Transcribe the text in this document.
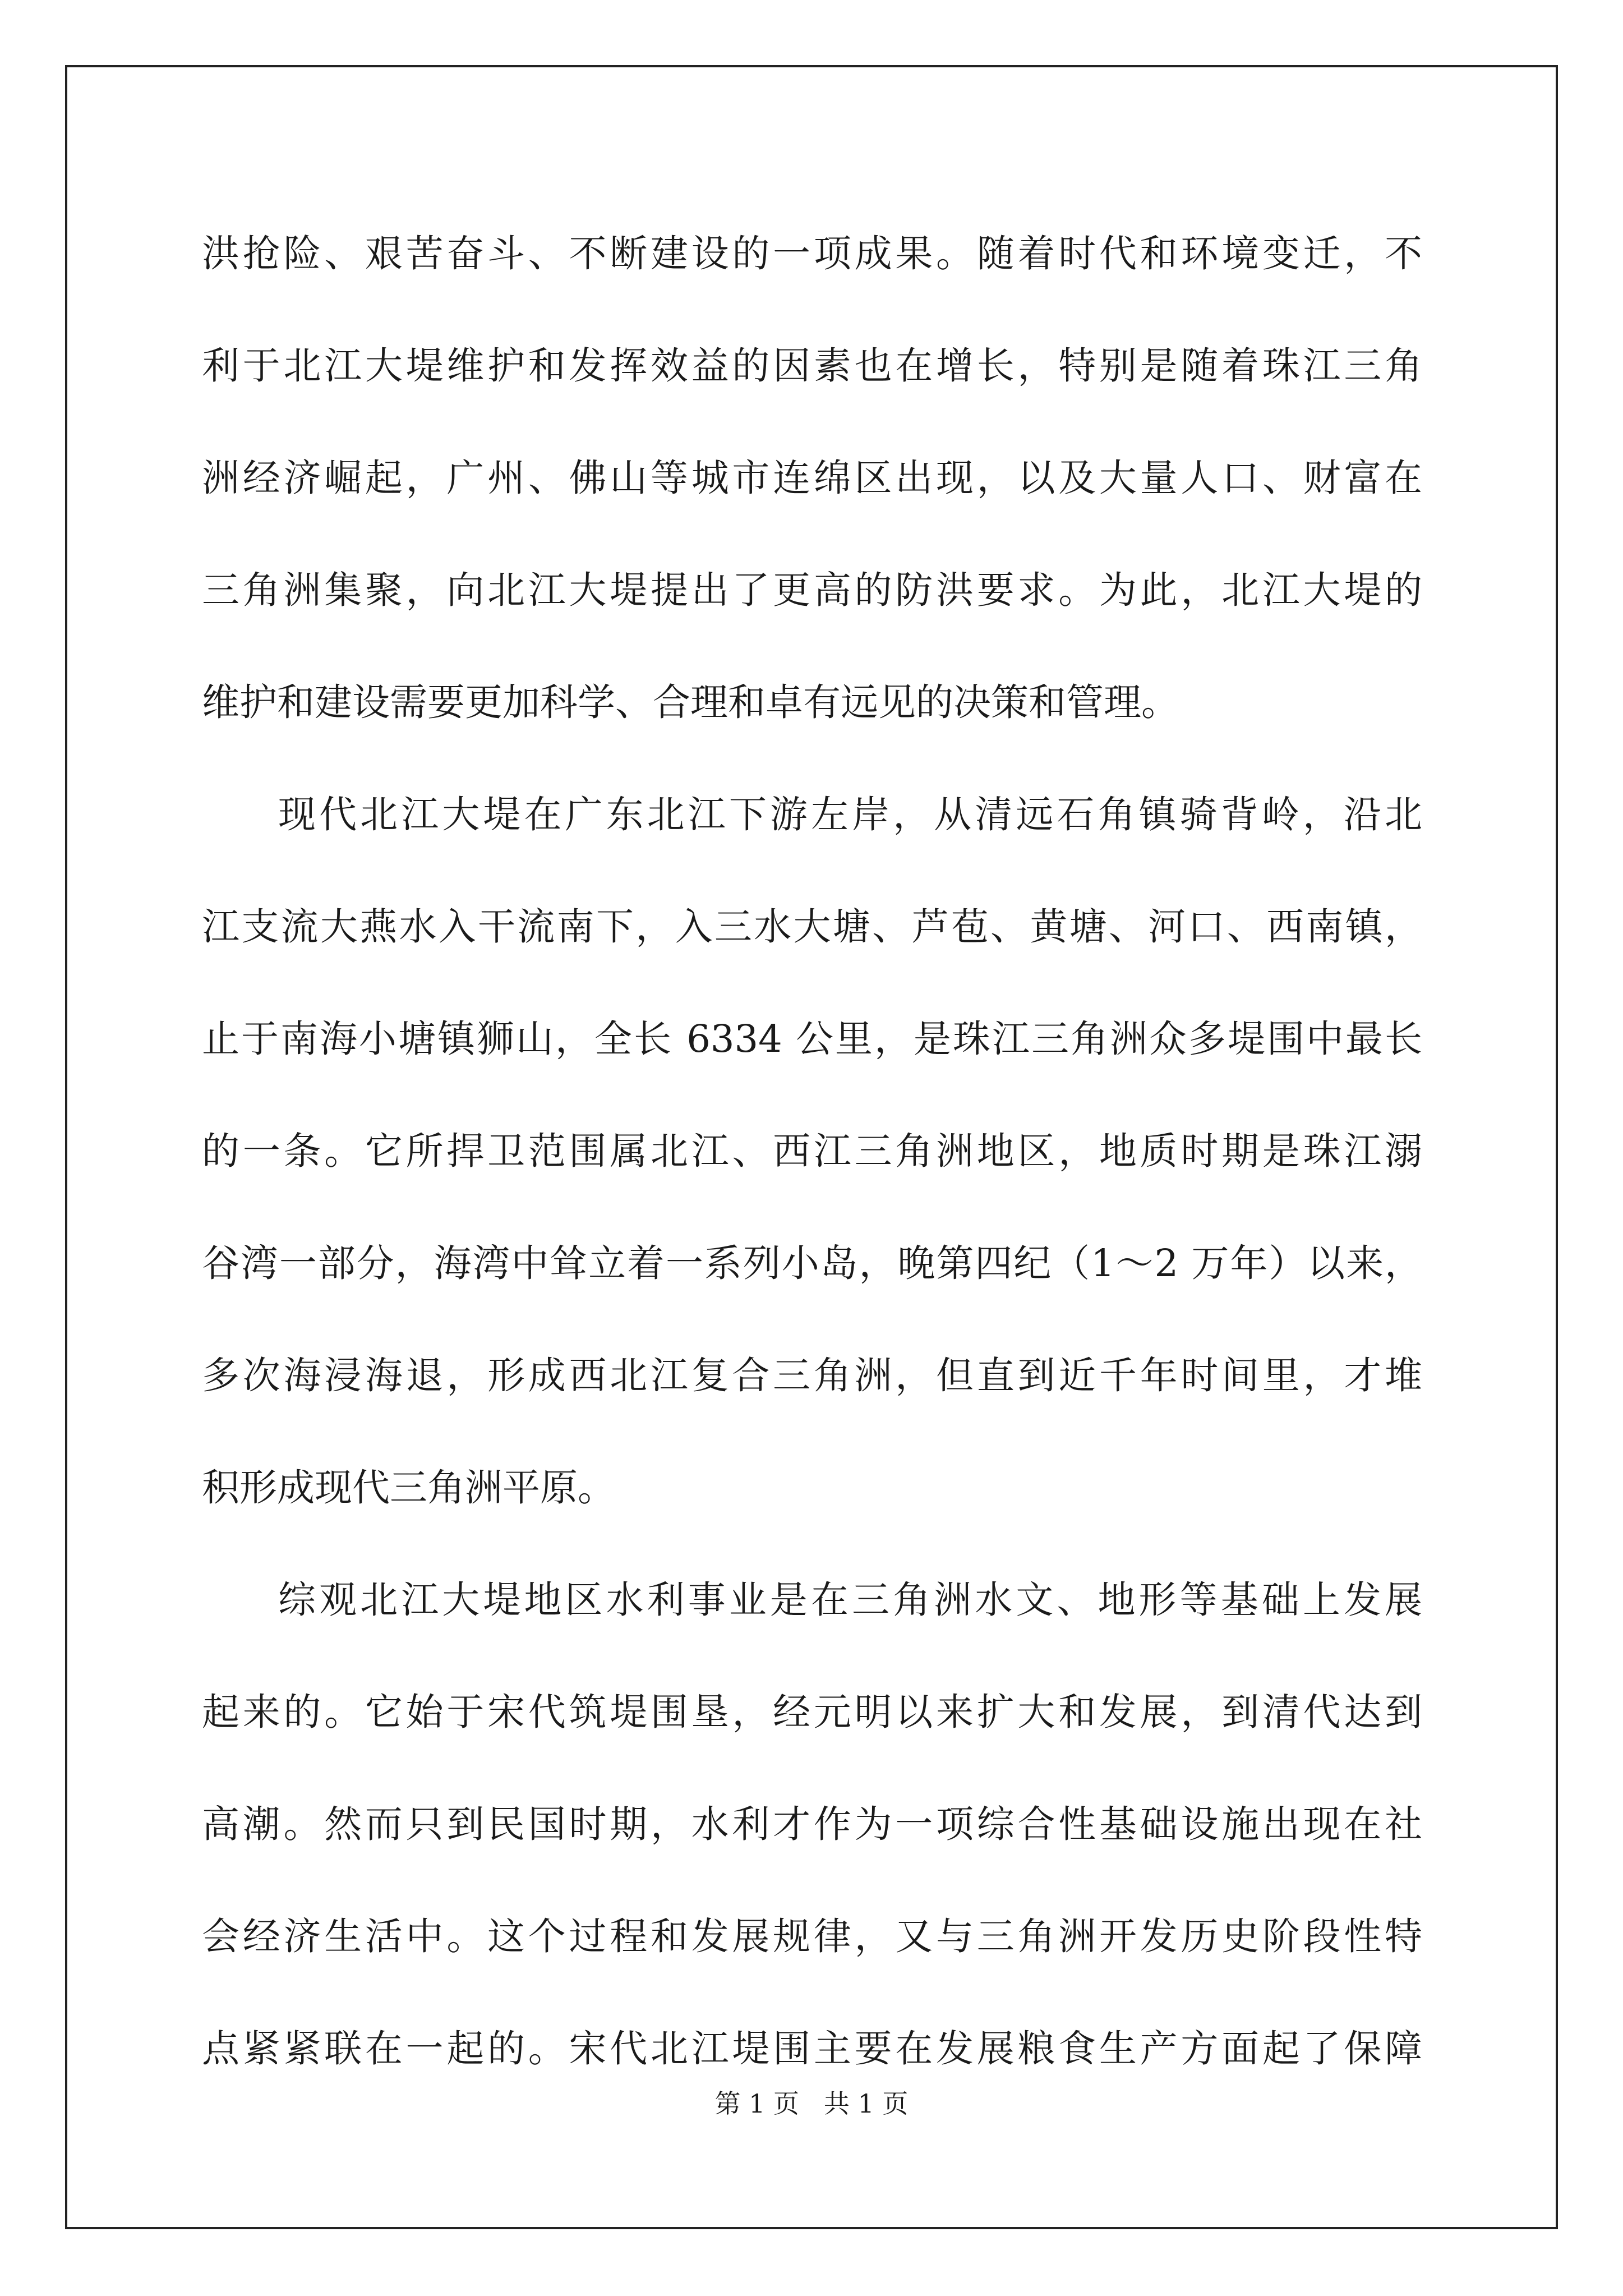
洪抢险、艰苦奋斗、不断建设的一项成果。随着时代和环境变迁，不
利于北江大堤维护和发挥效益的因素也在增长，特别是随着珠江三角
洲经济崛起，广州、佛山等城市连绵区出现，以及大量人口、财富在
三角洲集聚，向北江大堤提出了更高的防洪要求。为此，北江大堤的
维护和建设需要更加科学、合理和卓有远见的决策和管理。
现代北江大堤在广东北江下游左岸，从清远石角镇骑背岭，沿北
江支流大燕水入干流南下，入三水大塘、芦苞、黄塘、河口、西南镇，
止于南海小塘镇狮山，全长 6334 公里，是珠江三角洲众多堤围中最长
的一条。它所捍卫范围属北江、西江三角洲地区，地质时期是珠江溺
谷湾一部分，海湾中耸立着一系列小岛，晚第四纪（1～2 万年）以来，
多次海浸海退，形成西北江复合三角洲，但直到近千年时间里，才堆
积形成现代三角洲平原。
综观北江大堤地区水利事业是在三角洲水文、地形等基础上发展
起来的。它始于宋代筑堤围垦，经元明以来扩大和发展，到清代达到
高潮。然而只到民国时期，水利才作为一项综合性基础设施出现在社
会经济生活中。这个过程和发展规律，又与三角洲开发历史阶段性特
点紧紧联在一起的。宋代北江堤围主要在发展粮食生产方面起了保障
第 1 页   共 1 页
